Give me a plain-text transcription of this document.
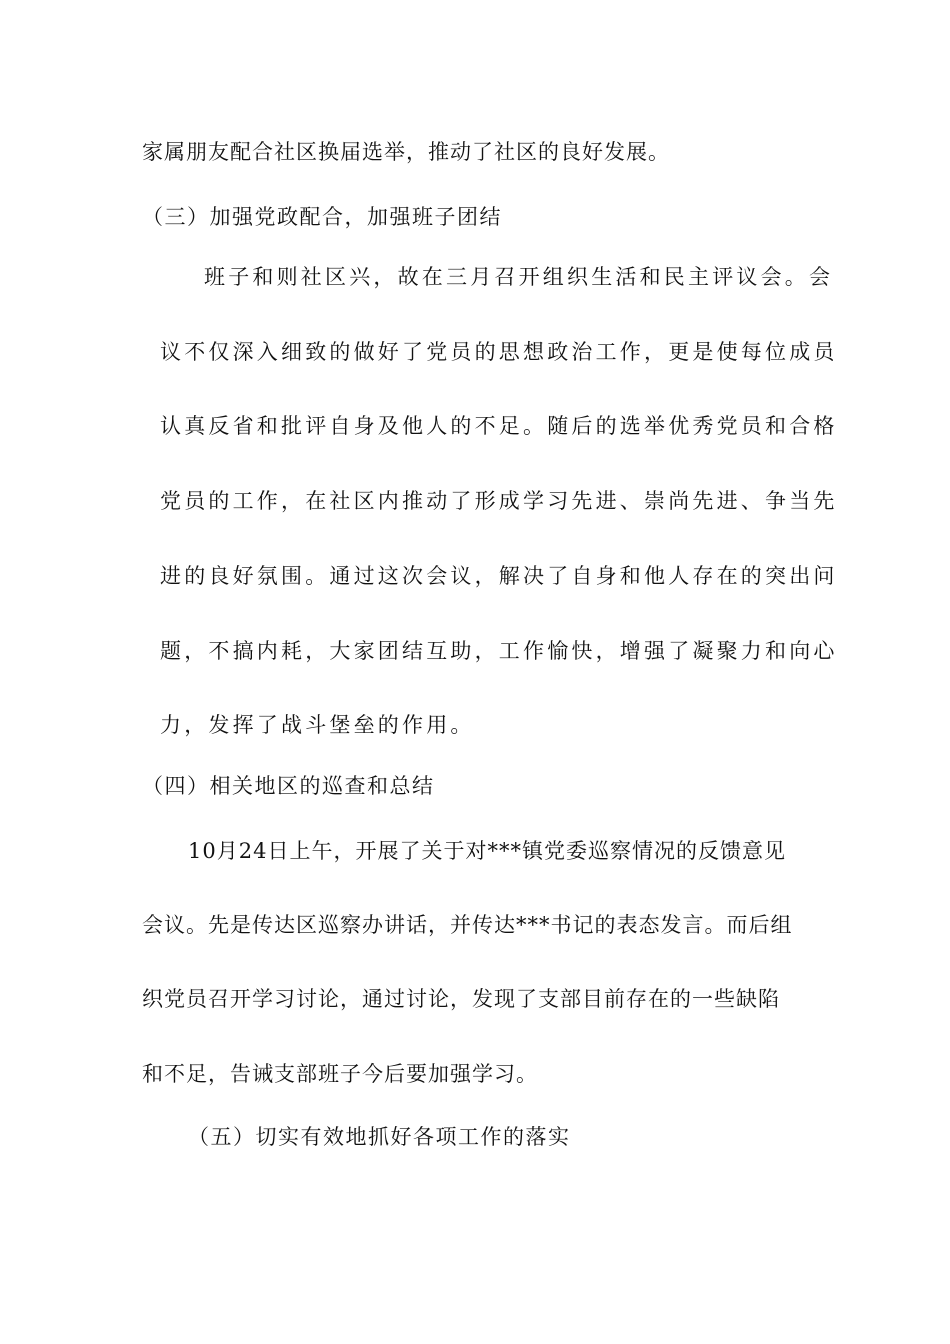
家属朋友配合社区换届选举，推动了社区的良好发展。
（三）加强党政配合，加强班子团结
班子和则社区兴，故在三月召开组织生活和民主评议会。会
议不仅深入细致的做好了党员的思想政治工作，更是使每位成员
认真反省和批评自身及他人的不足。随后的选举优秀党员和合格
党员的工作，在社区内推动了形成学习先进、崇尚先进、争当先
进的良好氛围。通过这次会议，解决了自身和他人存在的突出问
题，不搞内耗，大家团结互助，工作愉快，增强了凝聚力和向心
力，发挥了战斗堡垒的作用。
（四）相关地区的巡查和总结
10月24日上午，开展了关于对***镇党委巡察情况的反馈意见
会议。先是传达区巡察办讲话，并传达***书记的表态发言。而后组
织党员召开学习讨论，通过讨论，发现了支部目前存在的一些缺陷
和不足，告诫支部班子今后要加强学习。
（五）切实有效地抓好各项工作的落实
